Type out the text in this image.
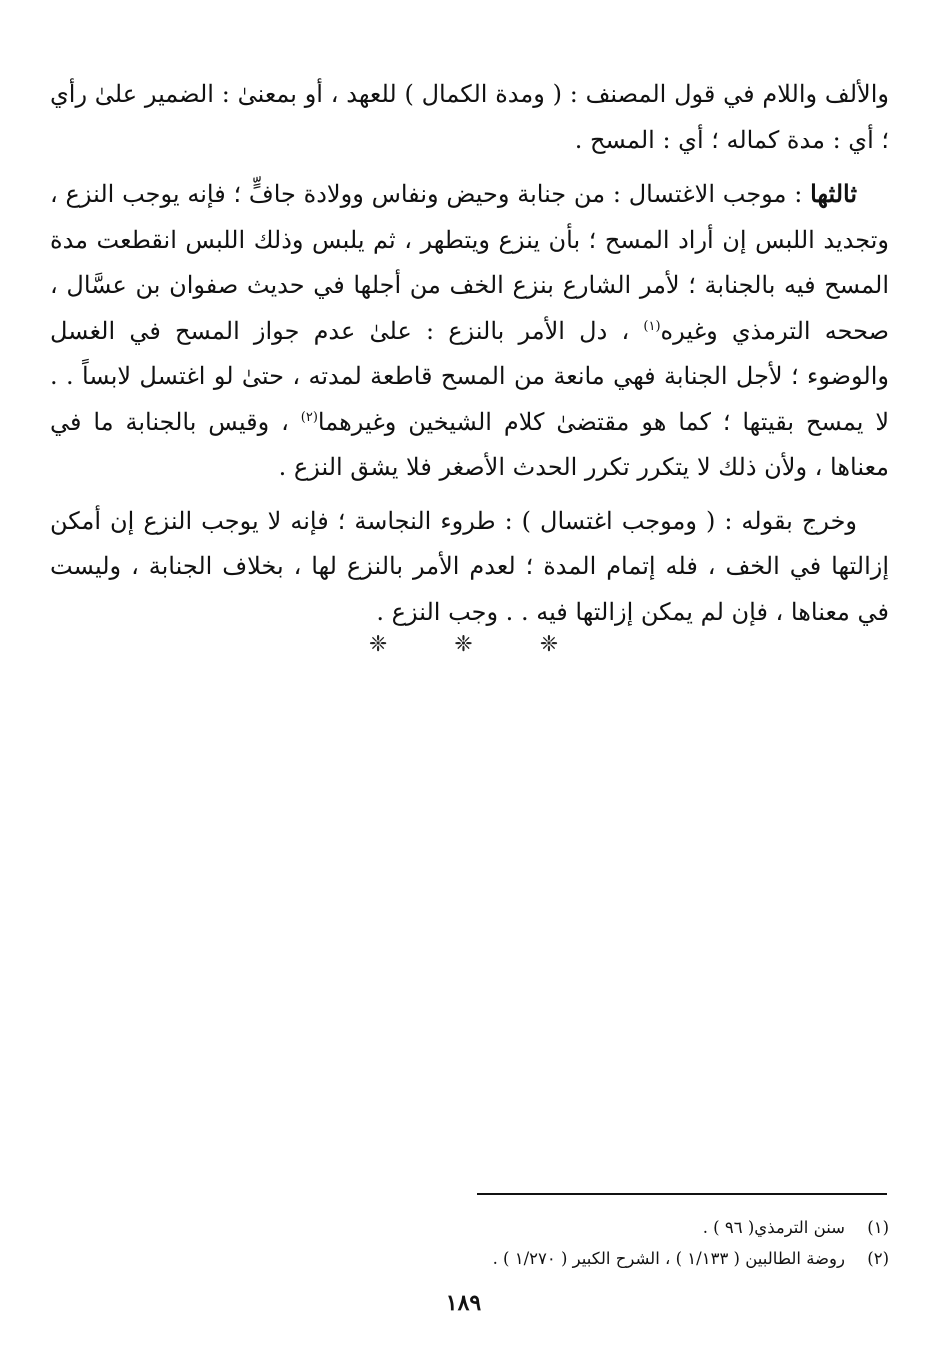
والألف واللام في قول المصنف : ( ومدة الكمال ) للعهد ، أو بمعنىٰ : الضمير علىٰ رأي ؛ أي : مدة كماله ؛ أي : المسح .

ثالثها : موجب الاغتسال : من جنابة وحيض ونفاس وولادة جافٍّ ؛ فإنه يوجب النزع ، وتجديد اللبس إن أراد المسح ؛ بأن ينزع ويتطهر ، ثم يلبس وذلك اللبس انقطعت مدة المسح فيه بالجنابة ؛ لأمر الشارع بنزع الخف من أجلها في حديث صفوان بن عسَّال ، صححه الترمذي وغيره$^{(١)}$ ، دل الأمر بالنزع : علىٰ عدم جواز المسح في الغسل والوضوء ؛ لأجل الجنابة فهي مانعة من المسح قاطعة لمدته ، حتىٰ لو اغتسل لابساً . . لا يمسح بقيتها ؛ كما هو مقتضىٰ كلام الشيخين وغيرهما$^{(٢)}$ ، وقيس بالجنابة ما في معناها ، ولأن ذلك لا يتكرر تكرر الحدث الأصغر فلا يشق النزع .

وخرج بقوله : ( وموجب اغتسال ) : طروء النجاسة ؛ فإنه لا يوجب النزع إن أمكن إزالتها في الخف ، فله إتمام المدة ؛ لعدم الأمر بالنزع لها ، بخلاف الجنابة ، وليست في معناها ، فإن لم يمكن إزالتها فيه . . وجب النزع .

❈ ❈ ❈
(١)
سنن الترمذي( ٩٦ ) .
(٢)
روضة الطالبين ( ١/١٣٣ ) ، الشرح الكبير ( ١/٢٧٠ ) .
١٨٩
